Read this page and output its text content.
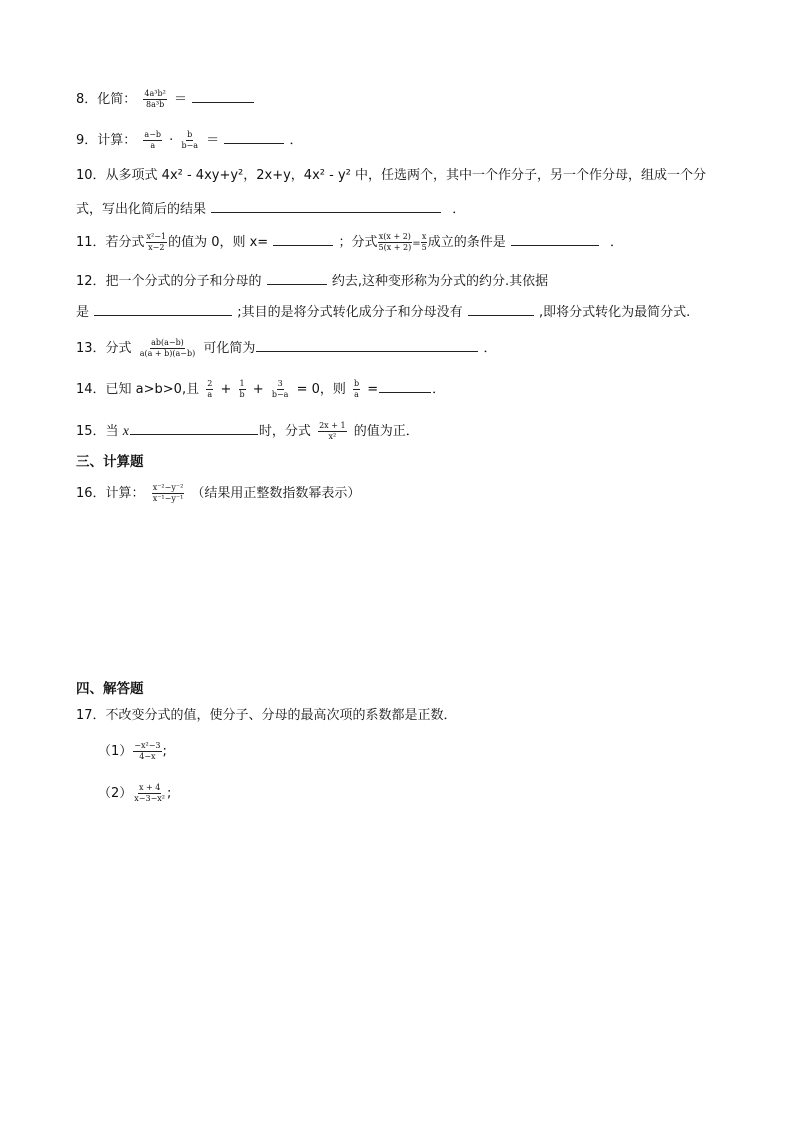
8．化简： $\frac{\text{4a³b²}}{\text{8a³b}}$ ＝
9．计算： $\frac{a-b}{a} \cdot \frac{b}{b-a}$ ＝	．
10．从多项式 4x² ‐ 4xy+y²，2x+y，4x² ‐ y² 中，任选两个，其中一个作分子，另一个作分母，组成一个分
式，写出化简后的结果	．
11．若分式 $\frac{\text{x²−1}}{x-2}$ 的值为 0，则 x=	；分式 $\frac{x(x + 2)}{5(x + 2)} = \frac{x}{5}$ 成立的条件是	．
12．把一个分式的分子和分母的	约去,这种变形称为分式的约分.其依据
是	;其目的是将分式转化成分子和分母没有	,即将分式转化为最简分式.
13．分式 $\frac{ab(a-b)}{a(a + b)(a-b)}$ 可化简为	．
14．已知 a>b>0,且 $\frac{2}{a} + \frac{1}{b} + \frac{3}{b-a} = 0$，则 $\frac{b}{a}$ =	．
15．当 x	时，分式 $\frac{2x + 1}{\text{x²}}$ 的值为正．
三、计算题
16．计算： $\frac{\text{x⁻²−y⁻²}}{\text{x⁻¹−y⁻¹}}$ （结果用正整数指数幂表示）
四、解答题
17．不改变分式的值，使分子、分母的最高次项的系数都是正数．
$(1) \frac{\text{−x²−3}}{4-x}$ ;
$(2) \frac{x + 4}{\text{x−3−x²}}$ ;
